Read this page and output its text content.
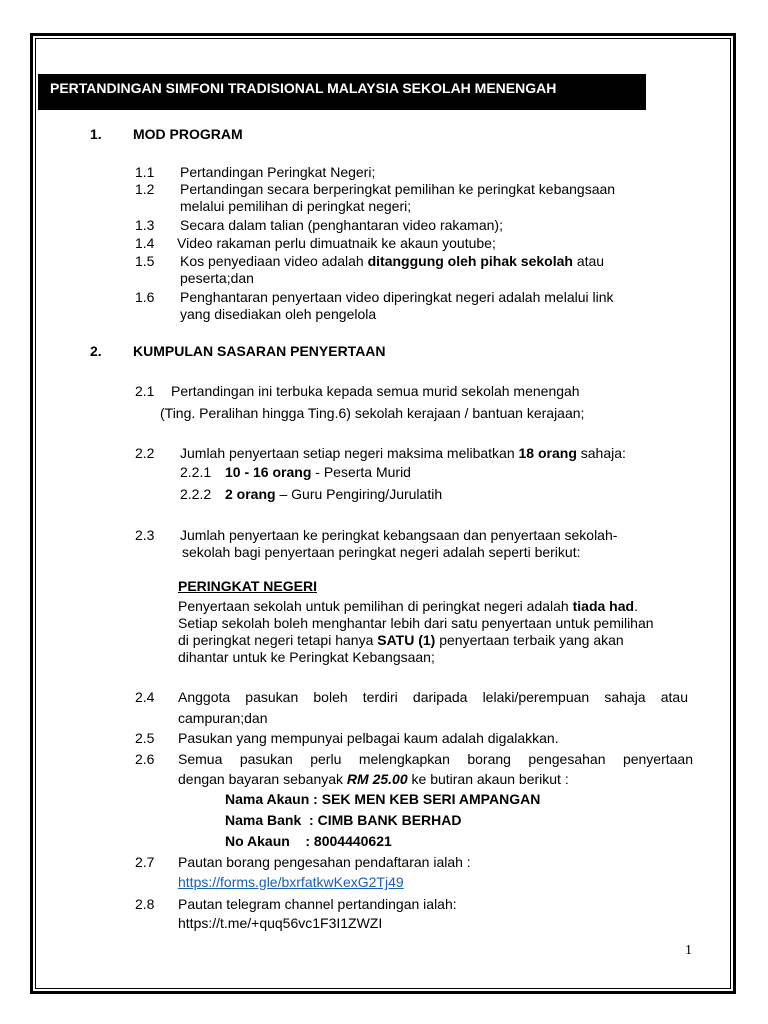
PERTANDINGAN SIMFONI TRADISIONAL MALAYSIA SEKOLAH MENENGAH
1. MOD PROGRAM
1.1 Pertandingan Peringkat Negeri;
1.2 Pertandingan secara berperingkat pemilihan ke peringkat kebangsaan
melalui pemilihan di peringkat negeri;
1.3 Secara dalam talian (penghantaran video rakaman);
1.4 Video rakaman perlu dimuatnaik ke akaun youtube;
1.5 Kos penyediaan video adalah ditanggung oleh pihak sekolah atau
peserta;dan
1.6 Penghantaran penyertaan video diperingkat negeri adalah melalui link
yang disediakan oleh pengelola
2. KUMPULAN SASARAN PENYERTAAN
2.1 Pertandingan ini terbuka kepada semua murid sekolah menengah
(Ting. Peralihan hingga Ting.6) sekolah kerajaan / bantuan kerajaan;
2.2 Jumlah penyertaan setiap negeri maksima melibatkan 18 orang sahaja:
2.2.1 10 - 16 orang - Peserta Murid
2.2.2 2 orang – Guru Pengiring/Jurulatih
2.3 Jumlah penyertaan ke peringkat kebangsaan dan penyertaan sekolah-
sekolah bagi penyertaan peringkat negeri adalah seperti berikut:
PERINGKAT NEGERI
Penyertaan sekolah untuk pemilihan di peringkat negeri adalah tiada had.
Setiap sekolah boleh menghantar lebih dari satu penyertaan untuk pemilihan
di peringkat negeri tetapi hanya SATU (1) penyertaan terbaik yang akan
dihantar untuk ke Peringkat Kebangsaan;
2.4 Anggota pasukan boleh terdiri daripada lelaki/perempuan sahaja atau
campuran;dan
2.5 Pasukan yang mempunyai pelbagai kaum adalah digalakkan.
2.6 Semua pasukan perlu melengkapkan borang pengesahan penyertaan
dengan bayaran sebanyak RM 25.00 ke butiran akaun berikut :
Nama Akaun : SEK MEN KEB SERI AMPANGAN
Nama Bank  : CIMB BANK BERHAD
No Akaun    : 8004440621
2.7 Pautan borang pengesahan pendaftaran ialah :
https://forms.gle/bxrfatkwKexG2Tj49
2.8 Pautan telegram channel pertandingan ialah:
https://t.me/+quq56vc1F3I1ZWZI
1
